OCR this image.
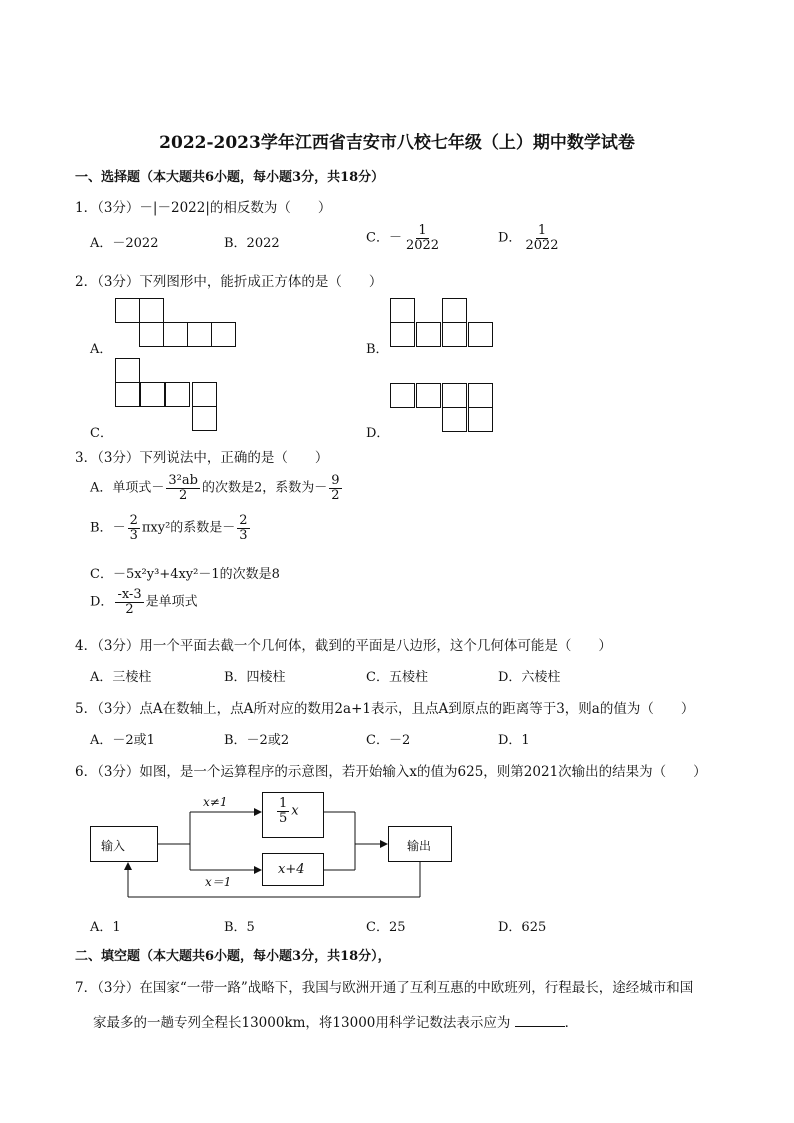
2022-2023学年江西省吉安市八校七年级（上）期中数学试卷
一、选择题（本大题共6小题，每小题3分，共18分）
1．（3分）－|－2022|的相反数为（　　）
A．－2022	B．2022	C．－ $\frac{1}{2022}$	D． $\frac{1}{2022}$
2．（3分）下列图形中，能折成正方体的是（　　）
A．	B．
C．	D．
3．（3分）下列说法中，正确的是（　　）
A．单项式－ $\frac{\text{3²ab}}{2}$ 的次数是2，系数为－ $\frac{9}{2}$
B．－ $\frac{2}{3} \pi xy^2$的系数是－ $\frac{2}{3}$
C．－5x²y³+4xy²－1的次数是8
D． $\frac{-x-3}{2}$ 是单项式
4．（3分）用一个平面去截一个几何体，截到的平面是八边形，这个几何体可能是（　　）
A．三棱柱	B．四棱柱	C．五棱柱	D．六棱柱
5．（3分）点A在数轴上，点A所对应的数用2a+1表示，且点A到原点的距离等于3，则a的值为（　　）
A．－2或1	B．－2或2	C．－2	D．1
6．（3分）如图，是一个运算程序的示意图，若开始输入x的值为625，则第2021次输出的结果为（　　）
输入
$\frac{1}{5}$ x
x+4
输出
x≠1
x＝1
A．1	B．5	C．25	D．625
二、填空题（本大题共6小题，每小题3分，共18分），
7．（3分）在国家“一带一路”战略下，我国与欧洲开通了互利互惠的中欧班列，行程最长，途经城市和国
家最多的一趟专列全程长13000km，将13000用科学记数法表示应为	．
